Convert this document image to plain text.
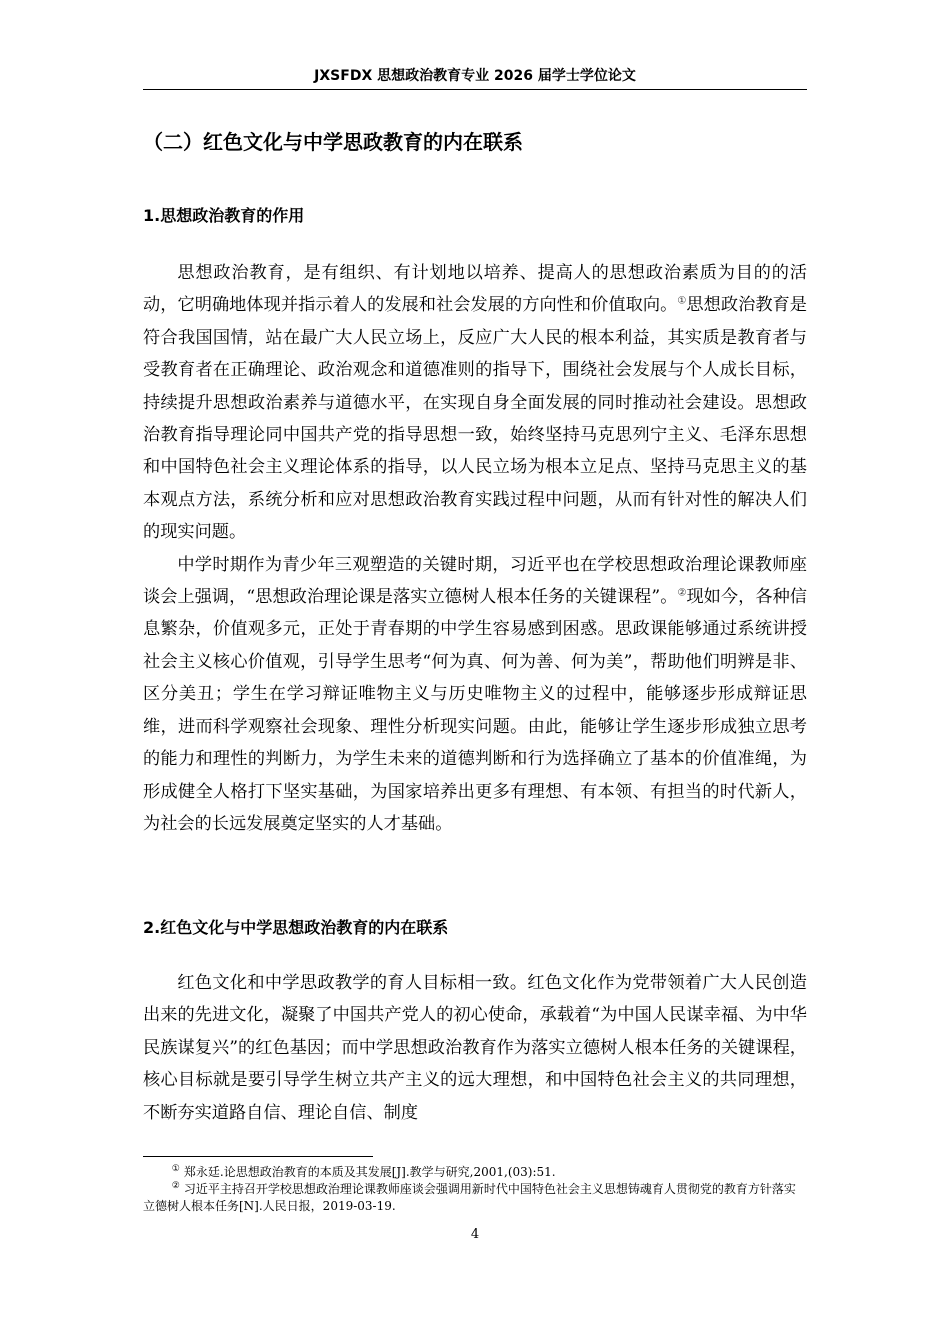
JXSFDX 思想政治教育专业 2026 届学士学位论文
（二）红色文化与中学思政教育的内在联系
1.思想政治教育的作用

思想政治教育，是有组织、有计划地以培养、提高人的思想政治素质为目的的活动，它明确地体现并指示着人的发展和社会发展的方向性和价值取向。①思想政治教育是符合我国国情，站在最广大人民立场上，反应广大人民的根本利益，其实质是教育者与受教育者在正确理论、政治观念和道德准则的指导下，围绕社会发展与个人成长目标，持续提升思想政治素养与道德水平，在实现自身全面发展的同时推动社会建设。思想政治教育指导理论同中国共产党的指导思想一致，始终坚持马克思列宁主义、毛泽东思想和中国特色社会主义理论体系的指导，以人民立场为根本立足点、坚持马克思主义的基本观点方法，系统分析和应对思想政治教育实践过程中问题，从而有针对性的解决人们的现实问题。

中学时期作为青少年三观塑造的关键时期，习近平也在学校思想政治理论课教师座谈会上强调，“思想政治理论课是落实立德树人根本任务的关键课程”。②现如今，各种信息繁杂，价值观多元，正处于青春期的中学生容易感到困惑。思政课能够通过系统讲授社会主义核心价值观，引导学生思考“何为真、何为善、何为美”，帮助他们明辨是非、区分美丑；学生在学习辩证唯物主义与历史唯物主义的过程中，能够逐步形成辩证思维，进而科学观察社会现象、理性分析现实问题。由此，能够让学生逐步形成独立思考的能力和理性的判断力，为学生未来的道德判断和行为选择确立了基本的价值准绳，为形成健全人格打下坚实基础，为国家培养出更多有理想、有本领、有担当的时代新人，为社会的长远发展奠定坚实的人才基础。

2.红色文化与中学思想政治教育的内在联系

红色文化和中学思政教学的育人目标相一致。红色文化作为党带领着广大人民创造出来的先进文化，凝聚了中国共产党人的初心使命，承载着“为中国人民谋幸福、为中华民族谋复兴”的红色基因；而中学思想政治教育作为落实立德树人根本任务的关键课程，核心目标就是要引导学生树立共产主义的远大理想，和中国特色社会主义的共同理想，不断夯实道路自信、理论自信、制度

① 郑永廷.论思想政治教育的本质及其发展[J].教学与研究,2001,(03):51.

② 习近平主持召开学校思想政治理论课教师座谈会强调用新时代中国特色社会主义思想铸魂育人贯彻党的教育方针落实立德树人根本任务[N].人民日报，2019-03-19.

4
